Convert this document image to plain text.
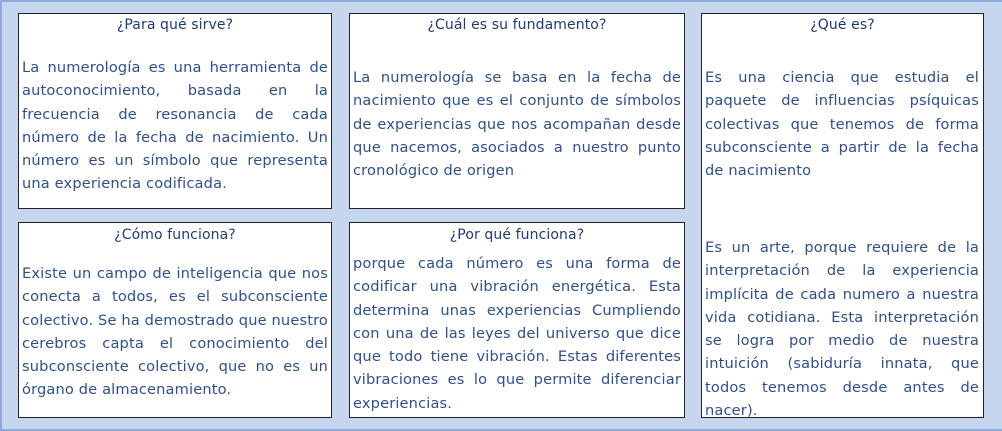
¿Para qué sirve?
La numerología es una herramienta de autoconocimiento, basada en la frecuencia de resonancia de cada número de la fecha de nacimiento. Un número es un símbolo que representa una experiencia codificada.
¿Cuál es su fundamento?
La numerología se basa en la fecha de nacimiento que es el conjunto de símbolos de experiencias que nos acompañan desde que nacemos, asociados a nuestro punto cronológico de origen
¿Qué es?
Es una ciencia que estudia el paquete de influencias psíquicas colectivas que tenemos de forma subconsciente a partir de la fecha de nacimiento
Es un arte, porque requiere de la interpretación de la experiencia implícita de cada numero a nuestra vida cotidiana. Esta interpretación se logra por medio de nuestra intuición (sabiduría innata, que todos tenemos desde antes de nacer).
¿Cómo funciona?
Existe un campo de inteligencia que nos conecta a todos, es el subconsciente colectivo. Se ha demostrado que nuestro cerebros capta el conocimiento del subconsciente colectivo, que no es un órgano de almacenamiento.
¿Por qué funciona?
porque cada número es una forma de codificar una vibración energética. Esta determina unas experiencias Cumpliendo con una de las leyes del universo que dice que todo tiene vibración. Estas diferentes vibraciones es lo que permite diferenciar experiencias.
